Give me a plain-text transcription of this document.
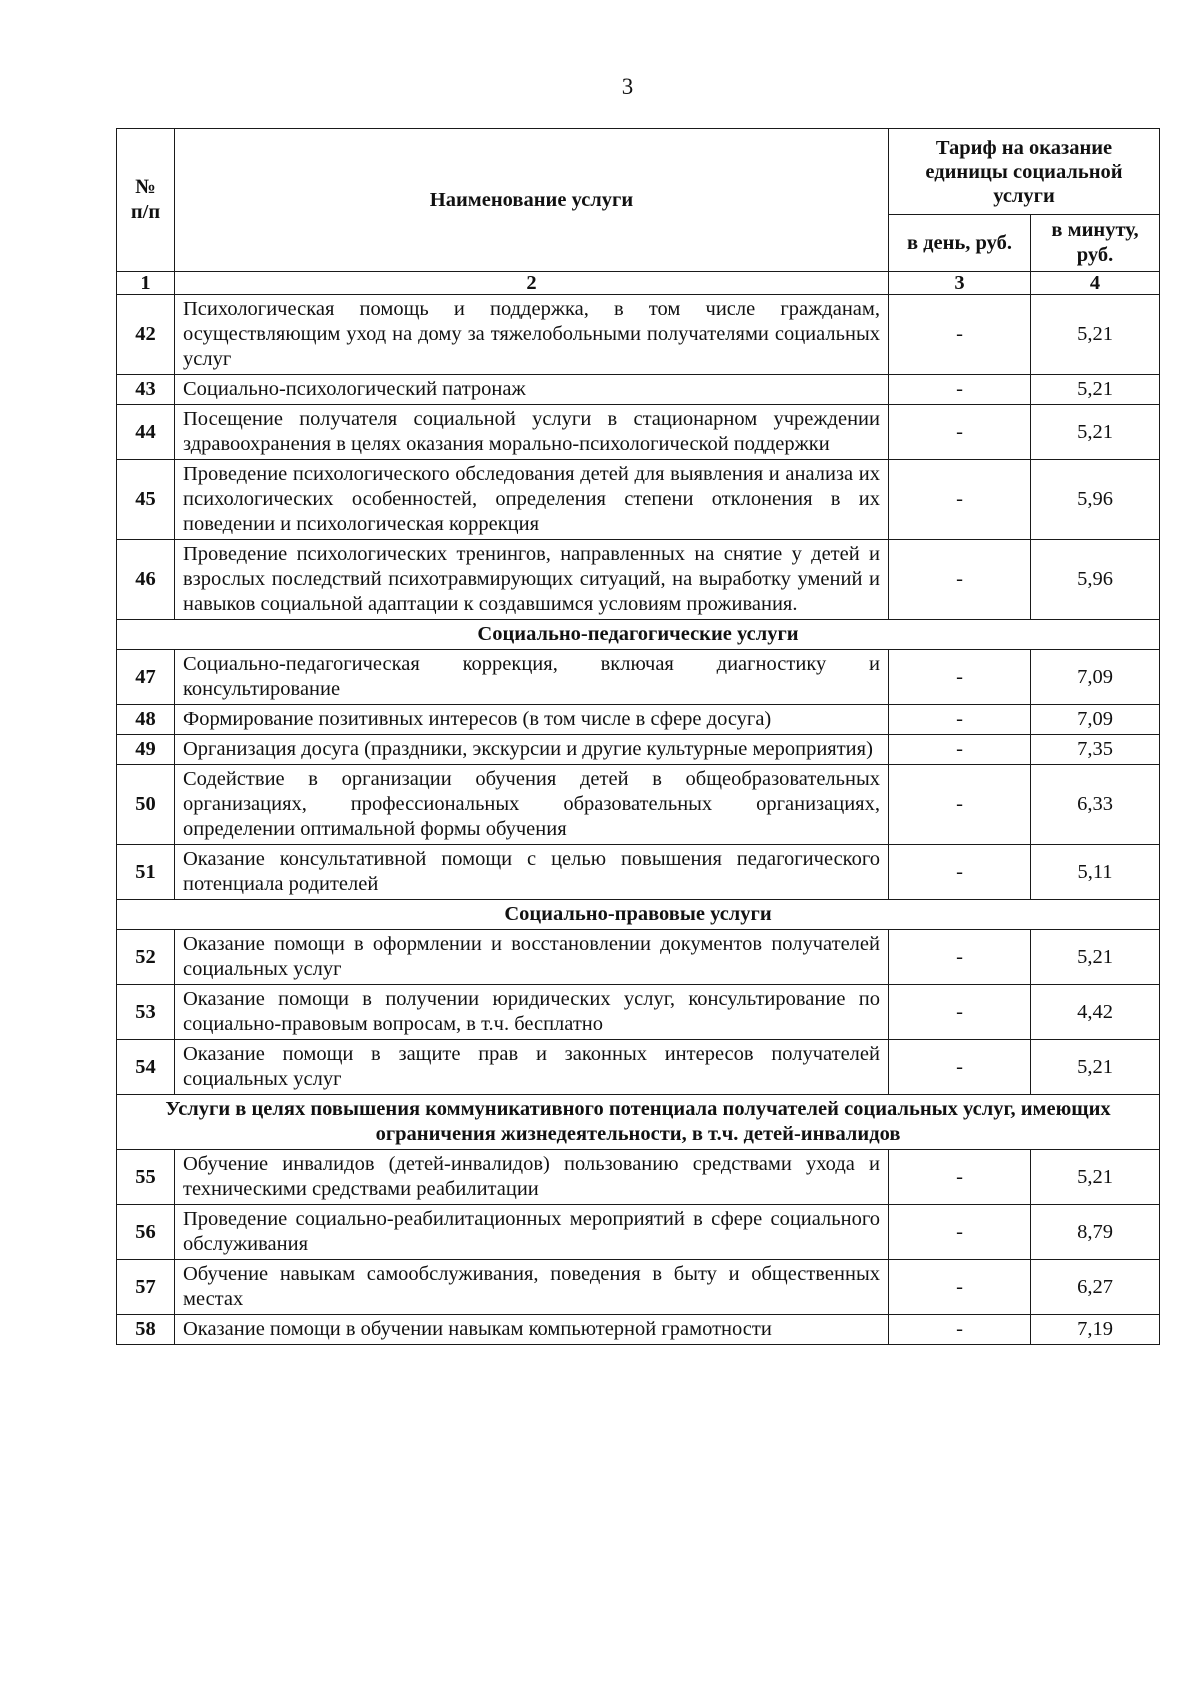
3
№ п/п	Наименование услуги	Тариф на оказание единицы социальной услуги	
		в день, руб.	в минуту, руб.
1	2	3	4
42	Психологическая помощь и поддержка, в том числе гражданам, осуществляющим уход на дому за тяжелобольными получателями социальных услуг	-	5,21
43	Социально-психологический патронаж	-	5,21
44	Посещение получателя социальной услуги в стационарном учреждении здравоохранения в целях оказания морально-психологической поддержки	-	5,21
45	Проведение психологического обследования детей для выявления и анализа их психологических особенностей, определения степени отклонения в их поведении и психологическая коррекция	-	5,96
46	Проведение психологических тренингов, направленных на снятие у детей и взрослых последствий психотравмирующих ситуаций, на выработку умений и навыков социальной адаптации к создавшимся условиям проживания.	-	5,96
Социально-педагогические услуги			
47	Социально-педагогическая коррекция, включая диагностику и консультирование	-	7,09
48	Формирование позитивных интересов (в том числе в сфере досуга)	-	7,09
49	Организация досуга (праздники, экскурсии и другие культурные мероприятия)	-	7,35
50	Содействие в организации обучения детей в общеобразовательных организациях, профессиональных образовательных организациях, определении оптимальной формы обучения	-	6,33
51	Оказание консультативной помощи с целью повышения педагогического потенциала родителей	-	5,11
Социально-правовые услуги			
52	Оказание помощи в оформлении и восстановлении документов получателей социальных услуг	-	5,21
53	Оказание помощи в получении юридических услуг, консультирование по социально-правовым вопросам, в т.ч. бесплатно	-	4,42
54	Оказание помощи в защите прав и законных интересов получателей социальных услуг	-	5,21
Услуги в целях повышения коммуникативного потенциала получателей социальных услуг, имеющих ограничения жизнедеятельности, в т.ч. детей-инвалидов			
55	Обучение инвалидов (детей-инвалидов) пользованию средствами ухода и техническими средствами реабилитации	-	5,21
56	Проведение социально-реабилитационных мероприятий в сфере социального обслуживания	-	8,79
57	Обучение навыкам самообслуживания, поведения в быту и общественных местах	-	6,27
58	Оказание помощи в обучении навыкам компьютерной грамотности	-	7,19
